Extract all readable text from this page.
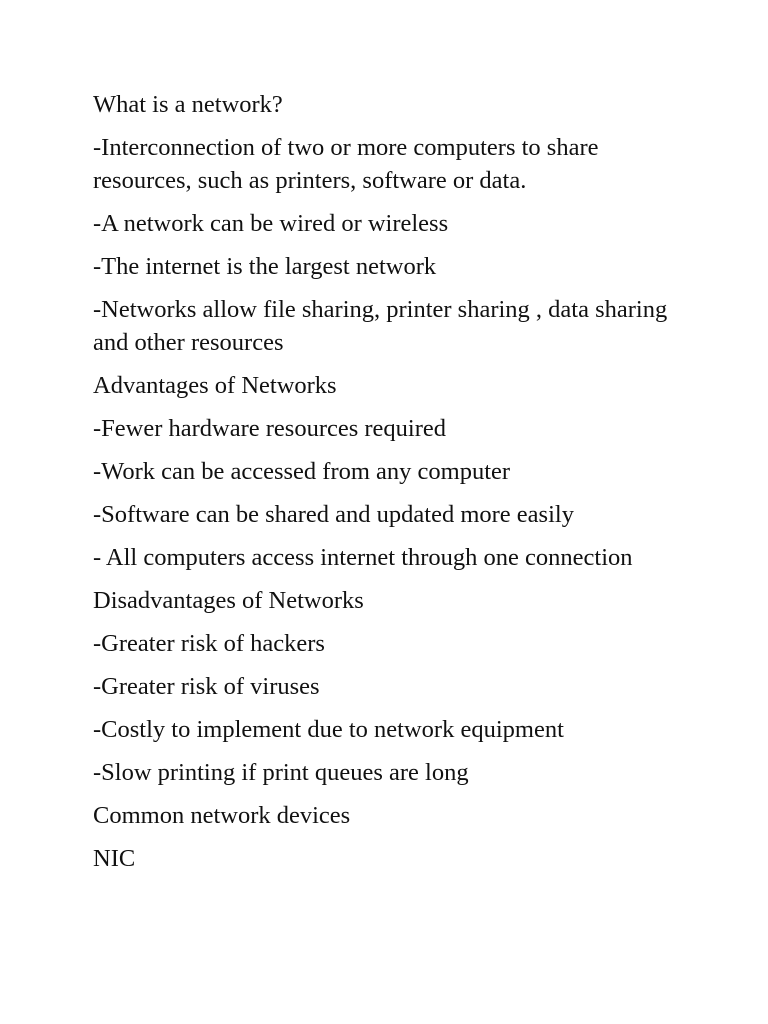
What is a network?

-Interconnection of two or more computers to share resources, such as printers, software or data.

-A network can be wired or wireless

-The internet is the largest network

-Networks allow file sharing, printer sharing , data sharing and other resources

Advantages of Networks

-Fewer hardware resources required

-Work can be accessed from any computer

-Software can be shared and updated more easily

- All computers access internet through one connection

Disadvantages of Networks

-Greater risk of hackers

-Greater risk of viruses

-Costly to implement due to network equipment

-Slow printing if print queues are long

Common network devices

NIC
